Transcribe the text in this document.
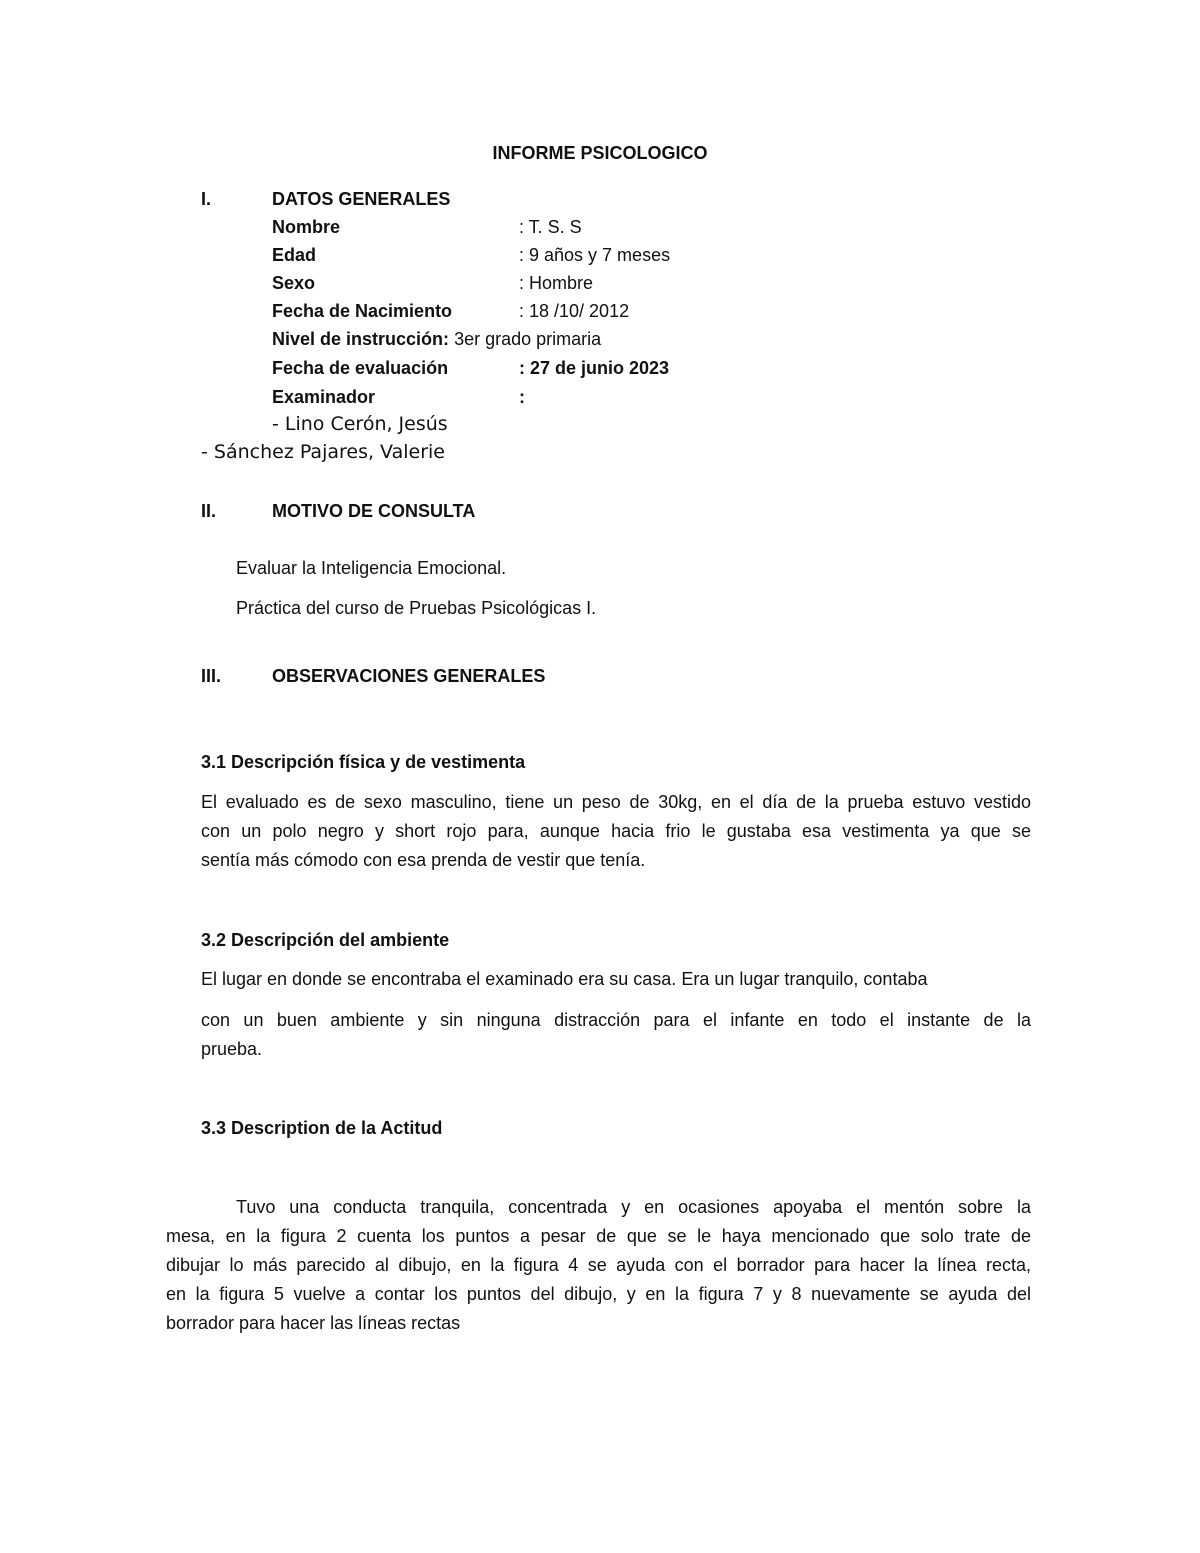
INFORME PSICOLOGICO
I.	DATOS GENERALES
Nombre	: T. S. S
Edad	: 9 años y 7 meses
Sexo	: Hombre
Fecha de Nacimiento	: 18 /10/ 2012
Nivel de instrucción: 3er grado primaria
Fecha de evaluación	: 27 de junio 2023
Examinador	:
- Lino Cerón, Jesús
- Sánchez Pajares, Valerie
II.	MOTIVO DE CONSULTA
Evaluar la Inteligencia Emocional.
Práctica del curso de Pruebas Psicológicas I.
III.	OBSERVACIONES GENERALES
3.1 Descripción física y de vestimenta
El evaluado es de sexo masculino, tiene un peso de 30kg, en el día de la prueba estuvo vestido
con un polo negro y short rojo para, aunque hacia frio le gustaba esa vestimenta ya que se
sentía más cómodo con esa prenda de vestir que tenía.
3.2 Descripción del ambiente
El lugar en donde se encontraba el examinado era su casa. Era un lugar tranquilo, contaba
con un buen ambiente y sin ninguna distracción para el infante en todo el instante de la
prueba.
3.3 Description de la Actitud
Tuvo una conducta tranquila, concentrada y en ocasiones apoyaba el mentón sobre la
mesa, en la figura 2 cuenta los puntos a pesar de que se le haya mencionado que solo trate de
dibujar lo más parecido al dibujo, en la figura 4 se ayuda con el borrador para hacer la línea recta,
en la figura 5 vuelve a contar los puntos del dibujo, y en la figura 7 y 8 nuevamente se ayuda del
borrador para hacer las líneas rectas
